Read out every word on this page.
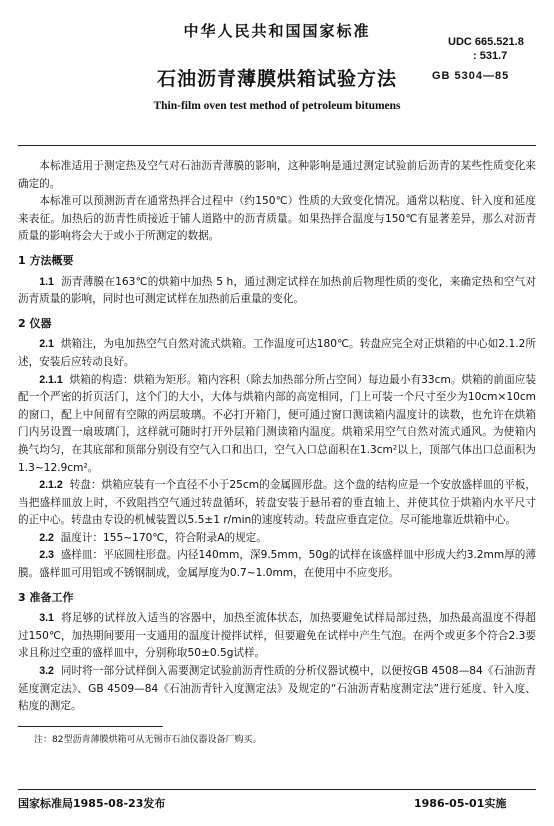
中华人民共和国国家标准
UDC 665.521.8
: 531.7
GB 5304—85
石油沥青薄膜烘箱试验方法
Thin-film oven test method of petroleum bitumens

本标准适用于测定热及空气对石油沥青薄膜的影响，这种影响是通过测定试验前后沥青的某些性质变化来确定的。

本标准可以预测沥青在通常热拌合过程中（约150℃）性质的大致变化情况。通常以粘度、针入度和延度来表征。加热后的沥青性质接近于铺人道路中的沥青质量。如果热拌合温度与150℃有显著差异，那么对沥青质量的影响将会大于或小于所测定的数据。

1 方法概要

1.1 沥青薄膜在163℃的烘箱中加热 5 h，通过测定试样在加热前后物理性质的变化，来确定热和空气对沥青质量的影响，同时也可测定试样在加热前后重量的变化。

2 仪器

2.1 烘箱注，为电加热空气自然对流式烘箱。工作温度可达180℃。转盘应完全对正烘箱的中心如2.1.2所述，安装后应转动良好。

2.1.1 烘箱的构造：烘箱为矩形。箱内容积（除去加热部分所占空间）每边最小有33cm。烘箱的前面应装配一个严密的折页活门，这个门的大小，大体与烘箱内部的高宽相同，门上可装一个尺寸至少为10cm×10cm的窗口，配上中间留有空隙的两层玻璃。不必打开箱门，便可通过窗口测读箱内温度计的读数，也允许在烘箱门内另设置一扇玻璃门，这样就可随时打开外层箱门测读箱内温度。烘箱采用空气自然对流式通风。为使箱内换气均匀，在其底部和顶部分别设有空气入口和出口，空气入口总面积在1.3cm²以上，顶部气体出口总面积为1.3~12.9cm²。

2.1.2 转盘：烘箱应装有一个直径不小于25cm的金属圆形盘。这个盘的结构应是一个安放盛样皿的平板，当把盛样皿放上时，不致阻挡空气通过转盘循环，转盘安装于悬吊着的垂直轴上、并使其位于烘箱内水平尺寸的正中心。转盘由专设的机械装置以5.5±1 r/min的速度转动。转盘应垂直定位。尽可能地靠近烘箱中心。

2.2 温度计：155~170℃，符合附录A的规定。

2.3 盛样皿：平底圆柱形盘。内径140mm，深9.5mm，50g的试样在该盛样皿中形成大约3.2mm厚的薄膜。盛样皿可用铝或不锈钢制成，金属厚度为0.7~1.0mm，在使用中不应变形。

3 准备工作

3.1 将足够的试样放入适当的容器中，加热至流体状态，加热要避免试样局部过热，加热最高温度不得超过150℃，加热期间要用一支通用的温度计搅拌试样，但要避免在试样中产生气泡。在两个或更多个符合2.3要求且称过空重的盛样皿中，分别称取50±0.5g试样。

3.2 同时将一部分试样倒入需要测定试验前沥青性质的分析仪器试模中，以便按GB 4508—84《石油沥青延度测定法》、GB 4509—84《石油沥青针入度测定法》及规定的“石油沥青粘度测定法”进行延度、针入度、粘度的测定。

注：82型沥青薄膜烘箱可从无锡市石油仪器设备厂购买。
国家标准局1985-08-23发布	1986-05-01实施
